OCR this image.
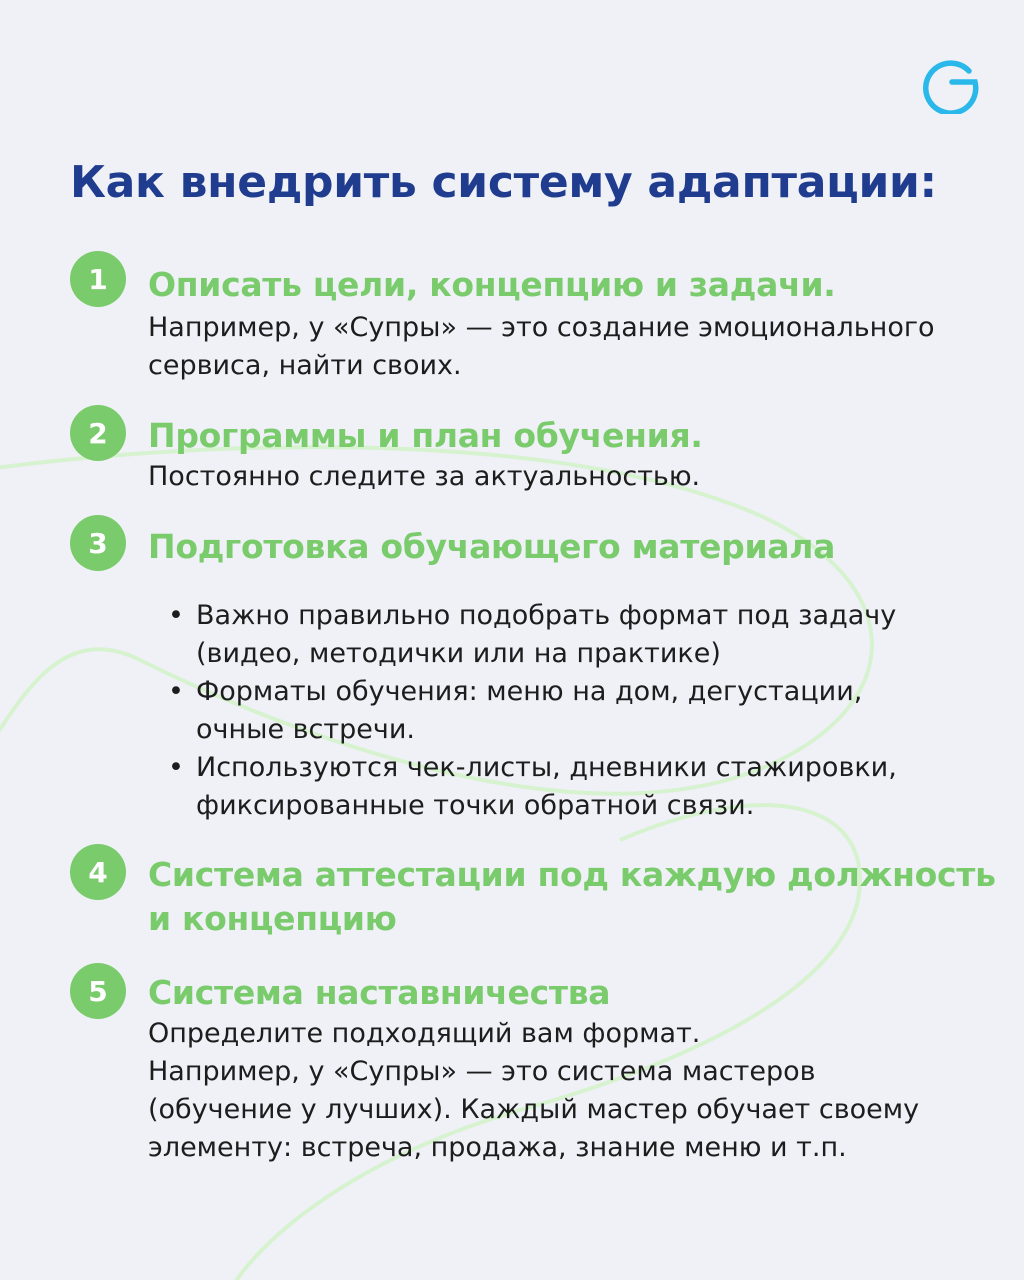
Как внедрить систему адаптации:
1	Описать цели, концепцию и задачи.
Например, у «Супры» — это создание эмоционального
сервиса, найти своих.
2	Программы и план обучения.
Постоянно следите за актуальностью.
3	Подготовка обучающего материала
• Важно правильно подобрать формат под задачу
(видео, методички или на практике)
• Форматы обучения: меню на дом, дегустации,
очные встречи.
• Используются чек-листы, дневники стажировки,
фиксированные точки обратной связи.
4	Система аттестации под каждую должность
и концепцию
5	Система наставничества
Определите подходящий вам формат.
Например, у «Супры» — это система мастеров
(обучение у лучших). Каждый мастер обучает своему
элементу: встреча, продажа, знание меню и т.п.
